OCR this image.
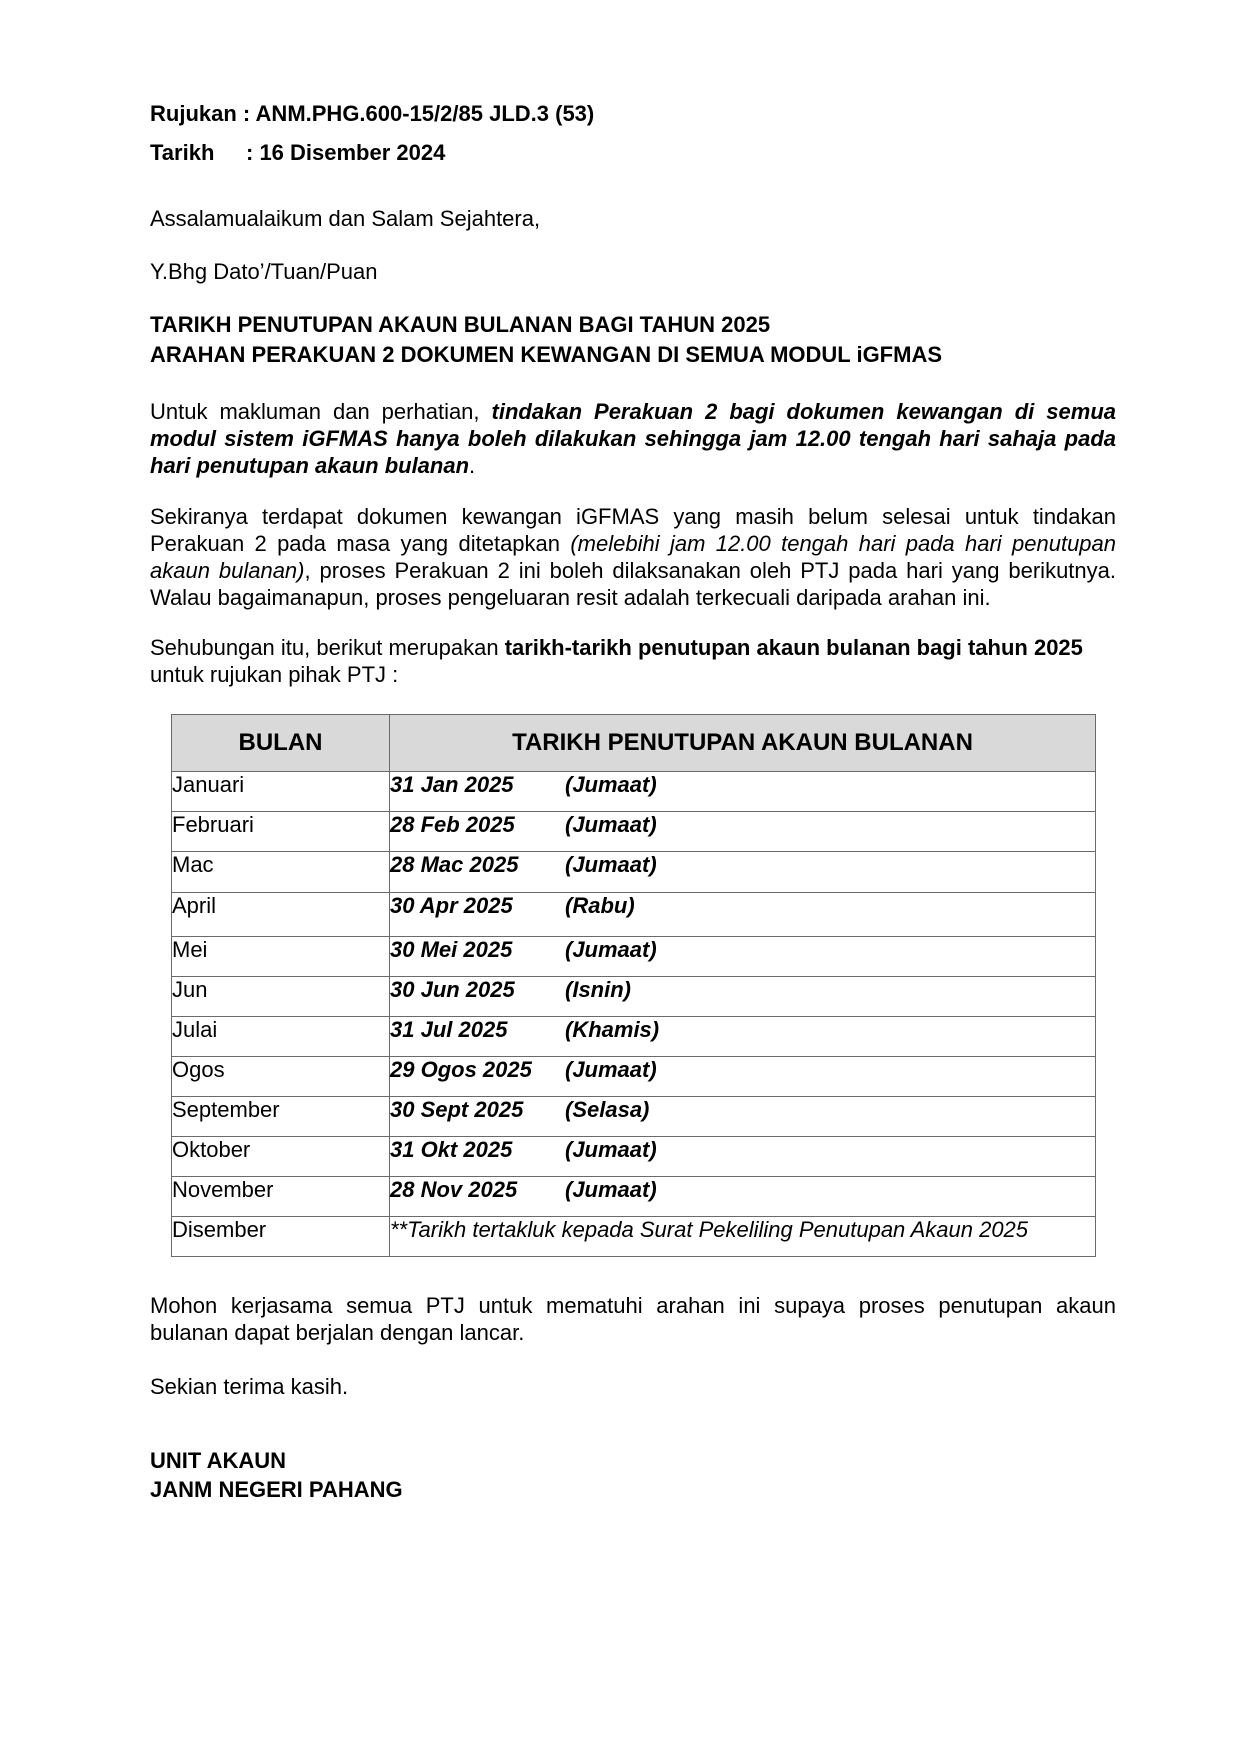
Rujukan : ANM.PHG.600-15/2/85 JLD.3 (53)

Tarikh : 16 Disember 2024

Assalamualaikum dan Salam Sejahtera,

Y.Bhg Dato’/Tuan/Puan

TARIKH PENUTUPAN AKAUN BULANAN BAGI TAHUN 2025

ARAHAN PERAKUAN 2 DOKUMEN KEWANGAN DI SEMUA MODUL iGFMAS

Untuk makluman dan perhatian, tindakan Perakuan 2 bagi dokumen kewangan di semua modul sistem iGFMAS hanya boleh dilakukan sehingga jam 12.00 tengah hari sahaja pada hari penutupan akaun bulanan.

Sekiranya terdapat dokumen kewangan iGFMAS yang masih belum selesai untuk tindakan Perakuan 2 pada masa yang ditetapkan (melebihi jam 12.00 tengah hari pada hari penutupan akaun bulanan), proses Perakuan 2 ini boleh dilaksanakan oleh PTJ pada hari yang berikutnya. Walau bagaimanapun, proses pengeluaran resit adalah terkecuali daripada arahan ini.

Sehubungan itu, berikut merupakan tarikh-tarikh penutupan akaun bulanan bagi tahun 2025 untuk rujukan pihak PTJ :

BULAN	TARIKH PENUTUPAN AKAUN BULANAN
Januari	31 Jan 2025 (Jumaat)
Februari	28 Feb 2025 (Jumaat)
Mac	28 Mac 2025 (Jumaat)
April	30 Apr 2025 (Rabu)
Mei	30 Mei 2025 (Jumaat)
Jun	30 Jun 2025 (Isnin)
Julai	31 Jul 2025 (Khamis)
Ogos	29 Ogos 2025 (Jumaat)
September	30 Sept 2025 (Selasa)
Oktober	31 Okt 2025 (Jumaat)
November	28 Nov 2025 (Jumaat)
Disember	**Tarikh tertakluk kepada Surat Pekeliling Penutupan Akaun 2025

Mohon kerjasama semua PTJ untuk mematuhi arahan ini supaya proses penutupan akaun bulanan dapat berjalan dengan lancar.

Sekian terima kasih.

UNIT AKAUN

JANM NEGERI PAHANG
